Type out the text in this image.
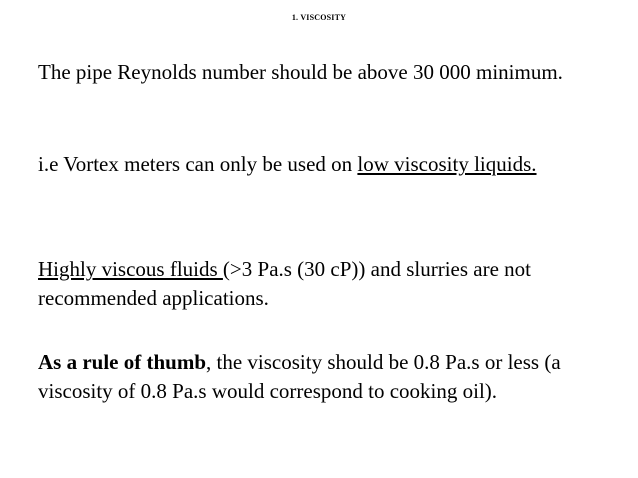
1. VISCOSITY

The pipe Reynolds number should be above 30 000 minimum.

i.e Vortex meters can only be used on low viscosity liquids.

Highly viscous fluids (>3 Pa.s (30 cP)) and slurries are not recommended applications.

As a rule of thumb, the viscosity should be 0.8 Pa.s or less (a viscosity of 0.8 Pa.s would correspond to cooking oil).
